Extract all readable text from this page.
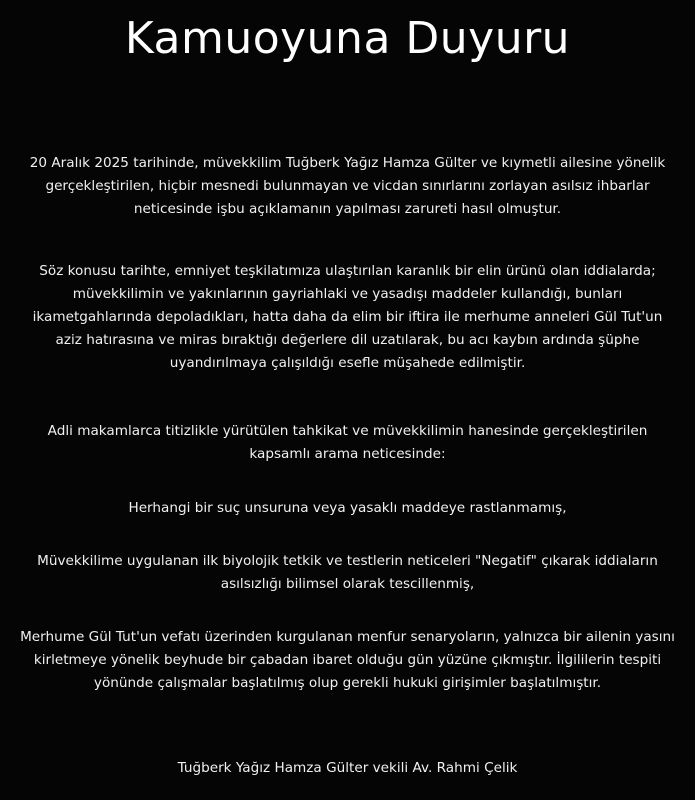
Kamuoyuna Duyuru

20 Aralık 2025 tarihinde, müvekkilim Tuğberk Yağız Hamza Gülter ve kıymetli ailesine yönelik gerçekleştirilen, hiçbir mesnedi bulunmayan ve vicdan sınırlarını zorlayan asılsız ihbarlar neticesinde işbu açıklamanın yapılması zarureti hasıl olmuştur.

Söz konusu tarihte, emniyet teşkilatımıza ulaştırılan karanlık bir elin ürünü olan iddialarda; müvekkilimin ve yakınlarının gayriahlaki ve yasadışı maddeler kullandığı, bunları ikametgahlarında depoladıkları, hatta daha da elim bir iftira ile merhume anneleri Gül Tut'un aziz hatırasına ve miras bıraktığı değerlere dil uzatılarak, bu acı kaybın ardında şüphe uyandırılmaya çalışıldığı esefle müşahede edilmiştir.

Adli makamlarca titizlikle yürütülen tahkikat ve müvekkilimin hanesinde gerçekleştirilen kapsamlı arama neticesinde:

Herhangi bir suç unsuruna veya yasaklı maddeye rastlanmamış,

Müvekkilime uygulanan ilk biyolojik tetkik ve testlerin neticeleri "Negatif" çıkarak iddiaların asılsızlığı bilimsel olarak tescillenmiş,

Merhume Gül Tut'un vefatı üzerinden kurgulanan menfur senaryoların, yalnızca bir ailenin yasını kirletmeye yönelik beyhude bir çabadan ibaret olduğu gün yüzüne çıkmıştır. İlgililerin tespiti yönünde çalışmalar başlatılmış olup gerekli hukuki girişimler başlatılmıştır.

Tuğberk Yağız Hamza Gülter vekili Av. Rahmi Çelik
